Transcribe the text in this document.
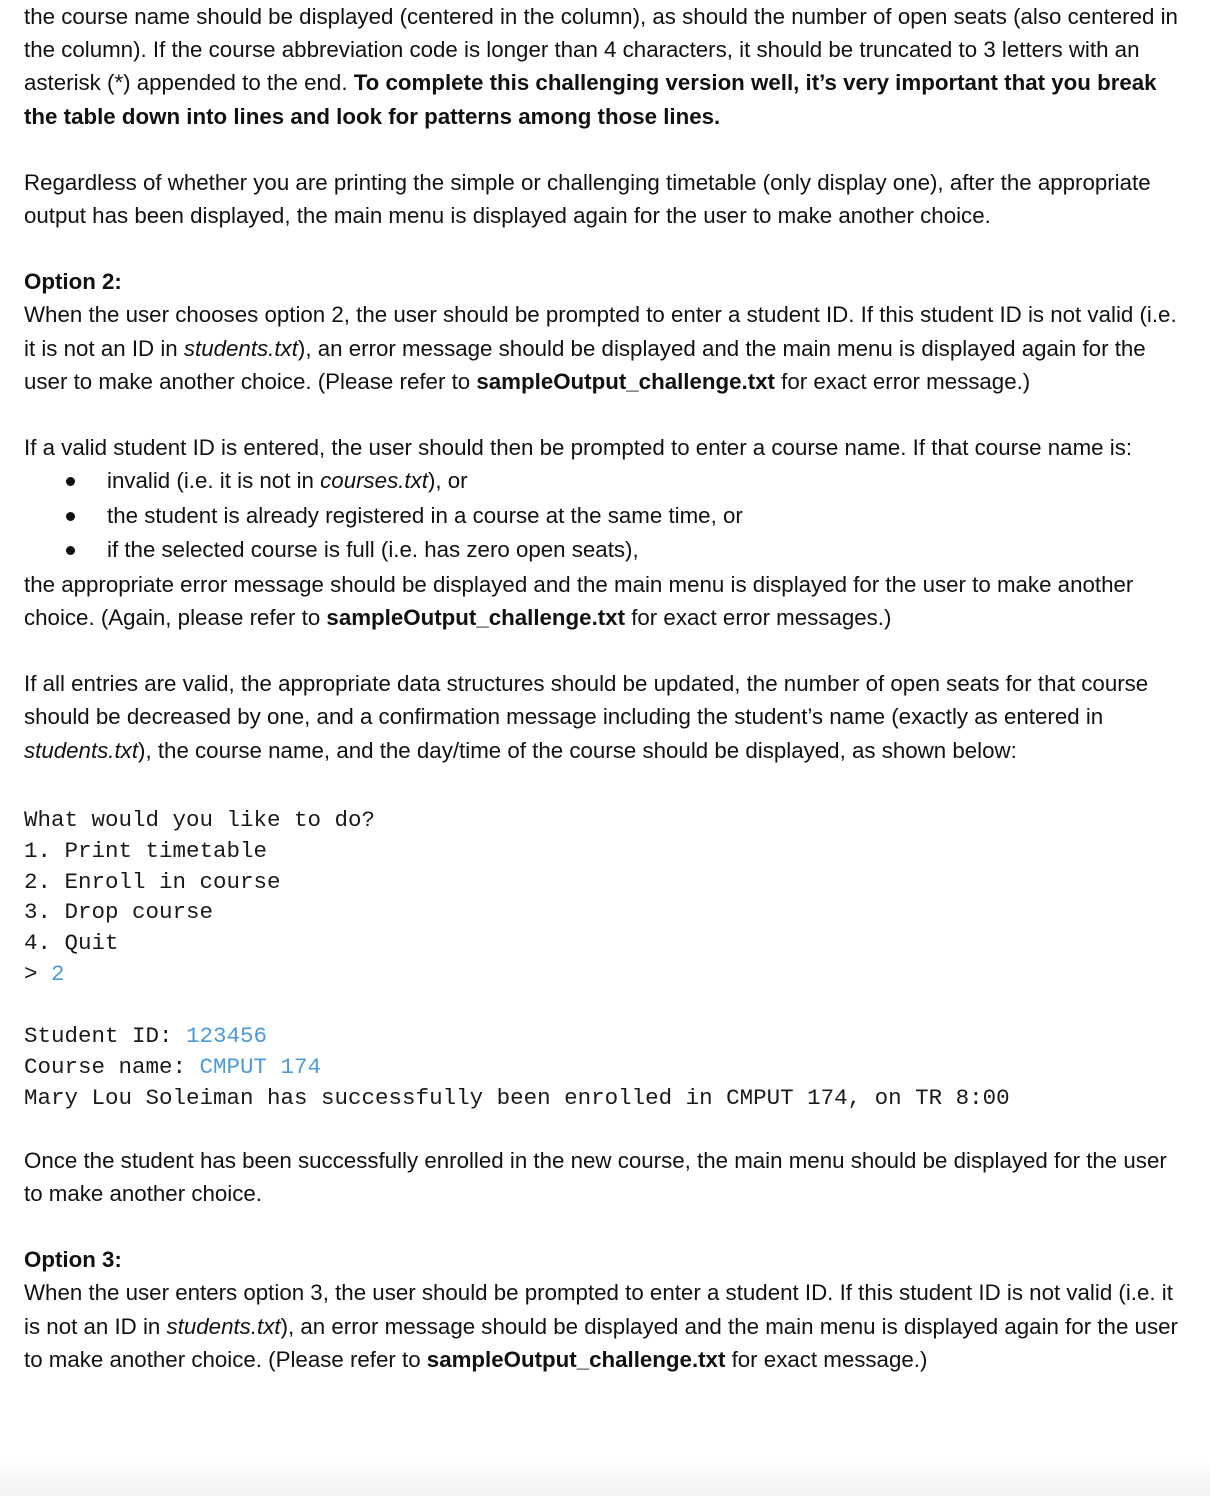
the course name should be displayed (centered in the column), as should the number of open seats (also centered in the column). If the course abbreviation code is longer than 4 characters, it should be truncated to 3 letters with an asterisk (*) appended to the end. To complete this challenging version well, it’s very important that you break the table down into lines and look for patterns among those lines.

Regardless of whether you are printing the simple or challenging timetable (only display one), after the appropriate output has been displayed, the main menu is displayed again for the user to make another choice.

Option 2:

When the user chooses option 2, the user should be prompted to enter a student ID. If this student ID is not valid (i.e. it is not an ID in students.txt), an error message should be displayed and the main menu is displayed again for the user to make another choice. (Please refer to sampleOutput_challenge.txt for exact error message.)

If a valid student ID is entered, the user should then be prompted to enter a course name. If that course name is:

invalid (i.e. it is not in courses.txt), or
the student is already registered in a course at the same time, or
if the selected course is full (i.e. has zero open seats),

the appropriate error message should be displayed and the main menu is displayed for the user to make another choice. (Again, please refer to sampleOutput_challenge.txt for exact error messages.)

If all entries are valid, the appropriate data structures should be updated, the number of open seats for that course should be decreased by one, and a confirmation message including the student’s name (exactly as entered in students.txt), the course name, and the day/time of the course should be displayed, as shown below:

What would you like to do?
1. Print timetable
2. Enroll in course
3. Drop course
4. Quit
> 2

Student ID: 123456
Course name: CMPUT 174
Mary Lou Soleiman has successfully been enrolled in CMPUT 174, on TR 8:00

Once the student has been successfully enrolled in the new course, the main menu should be displayed for the user to make another choice.

Option 3:

When the user enters option 3, the user should be prompted to enter a student ID. If this student ID is not valid (i.e. it is not an ID in students.txt), an error message should be displayed and the main menu is displayed again for the user to make another choice. (Please refer to sampleOutput_challenge.txt for exact message.)
